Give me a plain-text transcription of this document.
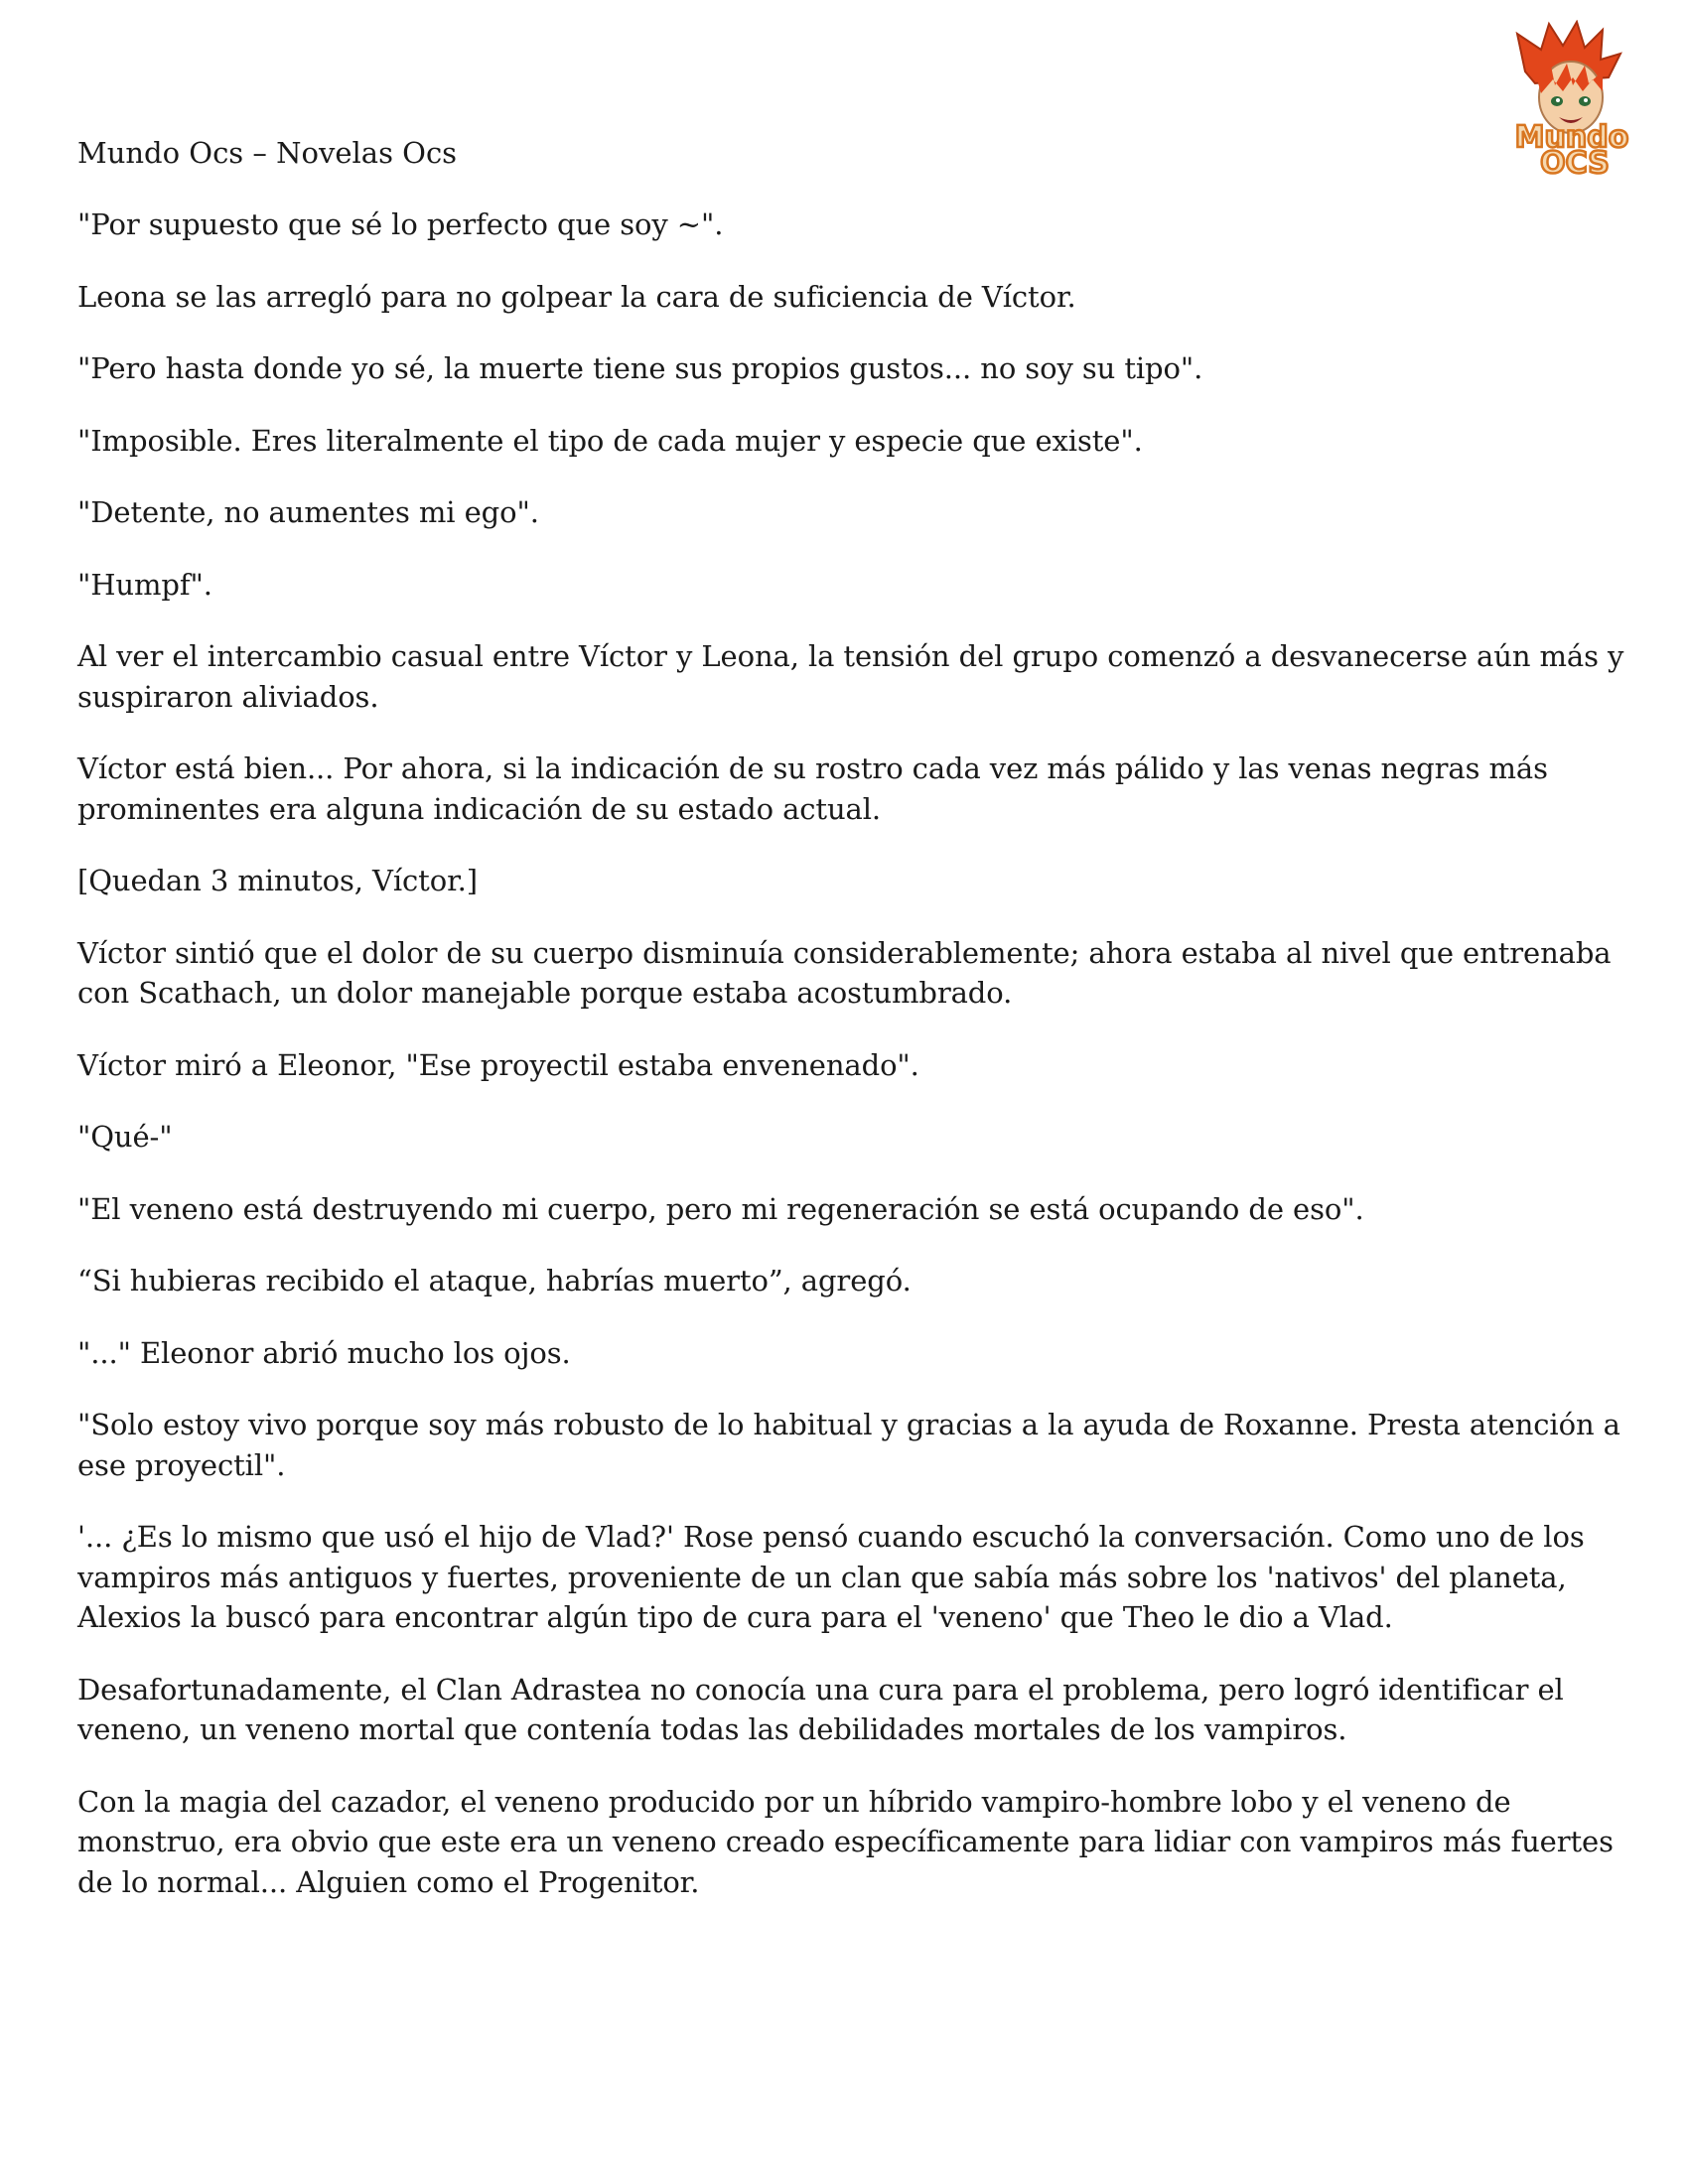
Mundo Ocs – Novelas Ocs	Mundo
OCS

"Por supuesto que sé lo perfecto que soy ~".

Leona se las arregló para no golpear la cara de suficiencia de Víctor.

"Pero hasta donde yo sé, la muerte tiene sus propios gustos... no soy su tipo".

"Imposible. Eres literalmente el tipo de cada mujer y especie que existe".

"Detente, no aumentes mi ego".

"Humpf".

Al ver el intercambio casual entre Víctor y Leona, la tensión del grupo comenzó a desvanecerse aún más y suspiraron aliviados.

Víctor está bien... Por ahora, si la indicación de su rostro cada vez más pálido y las venas negras más prominentes era alguna indicación de su estado actual.

[Quedan 3 minutos, Víctor.]

Víctor sintió que el dolor de su cuerpo disminuía considerablemente; ahora estaba al nivel que entrenaba con Scathach, un dolor manejable porque estaba acostumbrado.

Víctor miró a Eleonor, "Ese proyectil estaba envenenado".

"Qué-"

"El veneno está destruyendo mi cuerpo, pero mi regeneración se está ocupando de eso".

“Si hubieras recibido el ataque, habrías muerto”, agregó.

"..." Eleonor abrió mucho los ojos.

"Solo estoy vivo porque soy más robusto de lo habitual y gracias a la ayuda de Roxanne. Presta atención a ese proyectil".

'... ¿Es lo mismo que usó el hijo de Vlad?' Rose pensó cuando escuchó la conversación. Como uno de los vampiros más antiguos y fuertes, proveniente de un clan que sabía más sobre los 'nativos' del planeta, Alexios la buscó para encontrar algún tipo de cura para el 'veneno' que Theo le dio a Vlad.

Desafortunadamente, el Clan Adrastea no conocía una cura para el problema, pero logró identificar el veneno, un veneno mortal que contenía todas las debilidades mortales de los vampiros.

Con la magia del cazador, el veneno producido por un híbrido vampiro-hombre lobo y el veneno de monstruo, era obvio que este era un veneno creado específicamente para lidiar con vampiros más fuertes de lo normal... Alguien como el Progenitor.
